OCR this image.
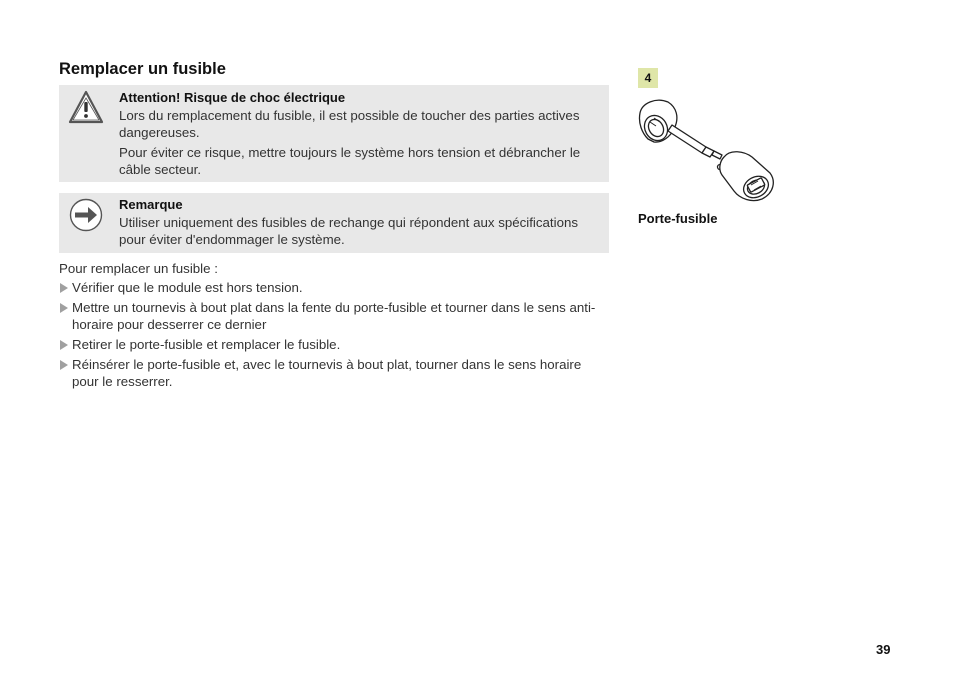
Remplacer un fusible
Attention! Risque de choc électrique

Lors du remplacement du fusible, il est possible de toucher des parties actives dangereuses.

Pour éviter ce risque, mettre toujours le système hors tension et débrancher le câble secteur.

Remarque

Utiliser uniquement des fusibles de rechange qui répondent aux spécifications pour éviter d'endommager le système.

Pour remplacer un fusible :
Vérifier que le module est hors tension.
Mettre un tournevis à bout plat dans la fente du porte-fusible et tourner dans le sens anti-horaire pour desserrer ce dernier
Retirer le porte-fusible et remplacer le fusible.
Réinsérer le porte-fusible et, avec le tournevis à bout plat, tourner dans le sens horaire pour le resserrer.
4
Porte-fusible
39
